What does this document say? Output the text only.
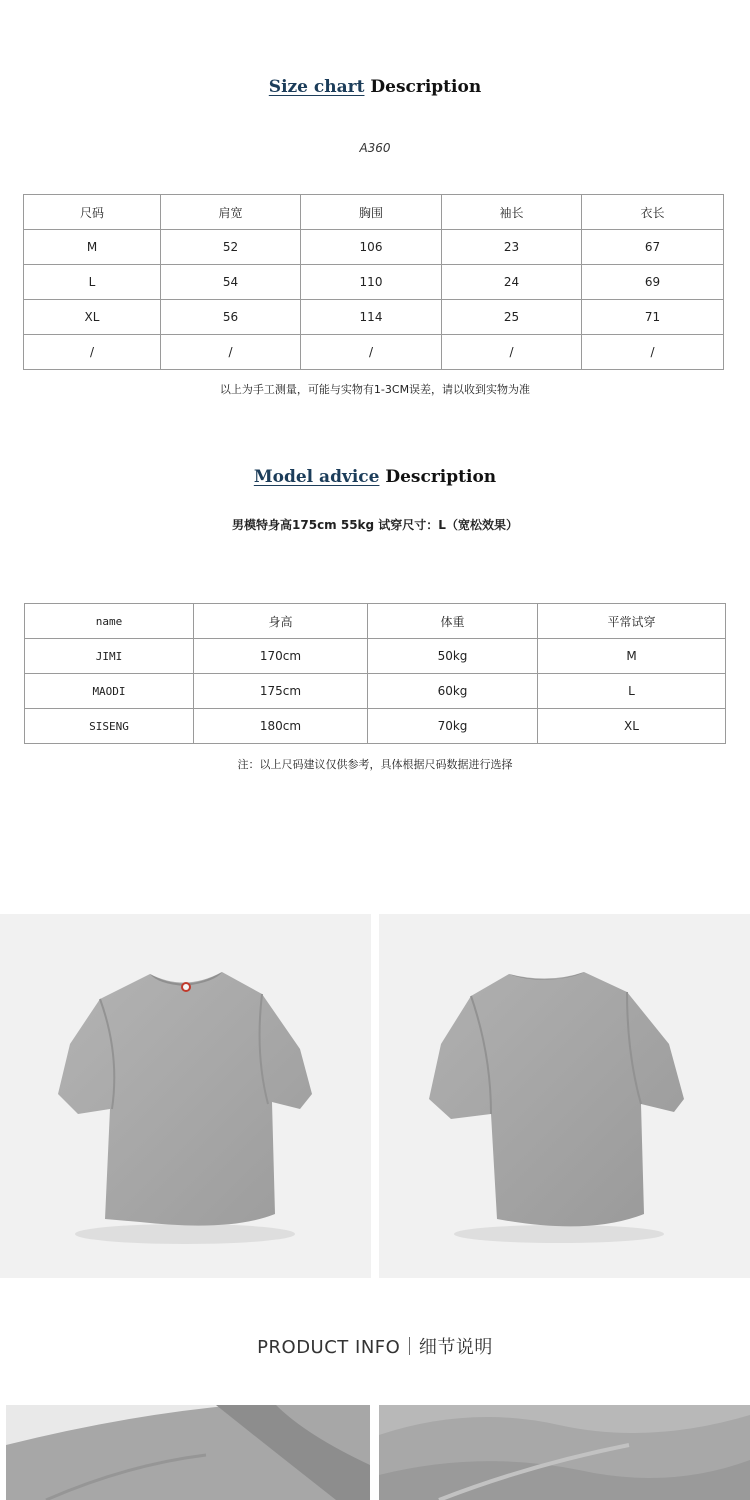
Size chart Description
A360
尺码	肩宽	胸围	袖长	衣长
M	52	106	23	67
L	54	110	24	69
XL	56	114	25	71
/	/	/	/	/
以上为手工测量，可能与实物有1-3CM误差，请以收到实物为准
Model advice Description
男模特身高175cm 55kg 试穿尺寸：L（宽松效果）
name	身高	体重	平常试穿
JIMI	170cm	50kg	M
MAODI	175cm	60kg	L
SISENG	180cm	70kg	XL
注：以上尺码建议仅供参考，具体根据尺码数据进行选择
PRODUCT INFO｜细节说明
